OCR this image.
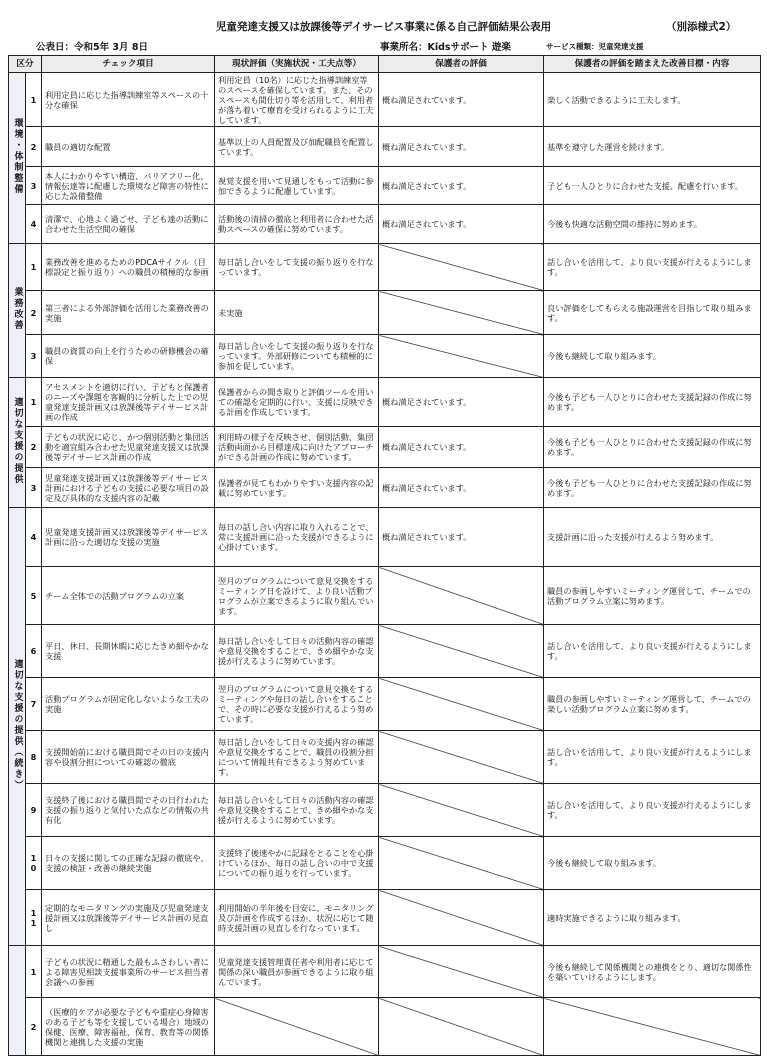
児童発達支援又は放課後等デイサービス事業に係る自己評価結果公表用	（別添様式2）
公表日：令和5年 3月 8日	事業所名：Kidsサポート 遊楽	サービス種類：児童発達支援
区分		チェック項目	現状評価（実施状況・工夫点等）	保護者の評価	保護者の評価を踏まえた改善目標・内容
環境・体制整備	1	利用定員に応じた指導訓練室等スペースの十分な確保	利用定員（10名）に応じた指導訓練室等のスペースを確保しています。また、そのスペースも間仕切り等を活用して、利用者が落ち着いて療育を受けられるように工夫しています。	概ね満足されています。	楽しく活動できるように工夫します。
	2	職員の適切な配置	基準以上の人員配置及び加配職員を配置しています。	概ね満足されています。	基準を遵守した運営を続けます。
	3	本人にわかりやすい構造、バリアフリー化、情報伝達等に配慮した環境など障害の特性に応じた設備整備	視覚支援を用いて見通しをもって活動に参加できるように配慮しています。	概ね満足されています。	子ども一人ひとりに合わせた支援、配慮を行います。
	4	清潔で、心地よく過ごせ、子ども達の活動に合わせた生活空間の確保	活動後の清掃の徹底と利用者に合わせた活動スペースの確保に努めています。	概ね満足されています。	今後も快適な活動空間の維持に努めます。
業務改善	1	業務改善を進めるためのPDCAサイクル（目標設定と振り返り）への職員の積極的な参画	毎日話し合いをして支援の振り返りを行なっています。		話し合いを活用して、より良い支援が行えるようにします。
	2	第三者による外部評価を活用した業務改善の実施	未実施		良い評価をしてもらえる施設運営を目指して取り組みます。
	3	職員の資質の向上を行うための研修機会の確保	毎日話し合いをして支援の振り返りを行なっています。外部研修についても積極的に参加を促しています。		今後も継続して取り組みます。
適切な支援の提供	1	アセスメントを適切に行い、子どもと保護者のニーズや課題を客観的に分析した上での児童発達支援計画又は放課後等デイサービス計画の作成	保護者からの聞き取りと評価ツールを用いての確認を定期的に行い、支援に反映できる計画を作成しています。	概ね満足されています。	今後も子ども一人ひとりに合わせた支援記録の作成に努めます。
	2	子どもの状況に応じ、かつ個別活動と集団活動を適宜組み合わせた児童発達支援又は放課後等デイサービス計画の作成	利用時の様子を反映させ、個別活動、集団活動両面から目標達成に向けたアプローチができる計画の作成に努めています。	概ね満足されています。	今後も子ども一人ひとりに合わせた支援記録の作成に努めます。
	3	児童発達支援計画又は放課後等デイサービス計画における子どもの支援に必要な項目の設定及び具体的な支援内容の記載	保護者が見てもわかりやすい支援内容の記載に努めています。	概ね満足されています。	今後も子ども一人ひとりに合わせた支援記録の作成に努めます。
適切な支援の提供（続き）	4	児童発達支援計画又は放課後等デイサービス計画に沿った適切な支援の実施	毎日の話し合い内容に取り入れることで、常に支援計画に沿った支援ができるように心掛けています。	概ね満足されています。	支援計画に沿った支援が行えるよう努めます。
	5	チーム全体での活動プログラムの立案	翌月のプログラムについて意見交換をするミーティング日を設けて、より良い活動プログラムが立案できるように取り組んでいます。		職員の参画しやすいミーティング運営して、チームでの活動プログラム立案に努めます。
	6	平日、休日、長期休暇に応じたきめ細やかな支援	毎日話し合いをして日々の活動内容の確認や意見交換をすることで、きめ細やかな支援が行えるように努めています。		話し合いを活用して、より良い支援が行えるようにします。
	7	活動プログラムが固定化しないような工夫の実施	翌月のプログラムについて意見交換をするミーティングや毎日の話し合いをすることで、その時に必要な支援が行えるよう努めています。		職員の参画しやすいミーティング運営して、チームでの楽しい活動プログラム立案に努めます。
	8	支援開始前における職員間でその日の支援内容や役割分担についての確認の徹底	毎日話し合いをして日々の支援内容の確認や意見交換をすることで、職員の役割分担について情報共有できるよう努めています。		話し合いを活用して、より良い支援が行えるようにします。
	9	支援終了後における職員間でその日行われた支援の振り返りと気付いた点などの情報の共有化	毎日話し合いをして日々の活動内容の確認や意見交換をすることで、きめ細やかな支援が行えるように努めています。		話し合いを活用して、より良い支援が行えるようにします。
	10	日々の支援に関しての正確な記録の徹底や、支援の検証・改善の継続実施	支援終了後速やかに記録をとることを心掛けているほか、毎日の話し合いの中で支援についての振り返りを行っています。		今後も継続して取り組みます。
	11	定期的なモニタリングの実施及び児童発達支援計画又は放課後等デイサービス計画の見直し	利用開始の半年後を目安に、モニタリング及び計画を作成するほか、状況に応じて随時支援計画の見直しを行なっています。		適時実施できるように取り組みます。
	1	子どもの状況に精通した最もふさわしい者による障害児相談支援事業所のサービス担当者会議への参画	児童発達支援管理責任者や利用者に応じて関係の深い職員が参画できるように取り組んでいます。		今後も継続して関係機関との連携をとり、適切な関係性を築いていけるようにします。
	2	（医療的ケアが必要な子どもや重症心身障害のある子ども等を支援している場合）地域の保健、医療、障害福祉、保育、教育等の関係機関と連携した支援の実施			
